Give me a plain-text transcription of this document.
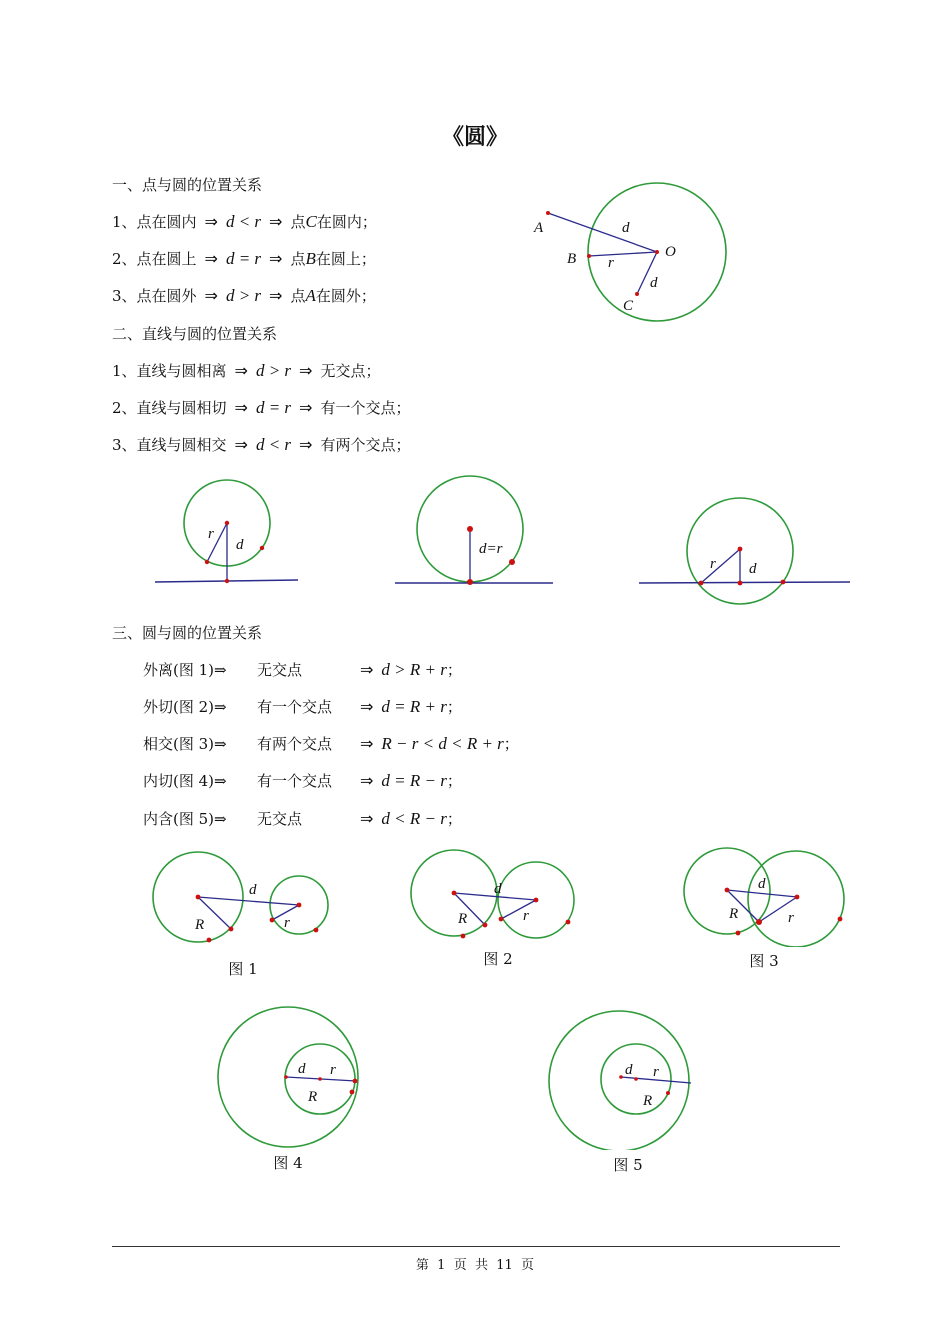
《圆》
一、点与圆的位置关系
1、点在圆内 ⇒ d < r ⇒ 点C在圆内；
2、点在圆上 ⇒ d = r ⇒ 点B在圆上；
3、点在圆外 ⇒ d > r ⇒ 点A在圆外；
A
B
C
O
d
r
d
二、直线与圆的位置关系
1、直线与圆相离 ⇒ d > r ⇒ 无交点；
2、直线与圆相切 ⇒ d = r ⇒ 有一个交点；
3、直线与圆相交 ⇒ d < r ⇒ 有两个交点；
r
d	d=r
r d
三、圆与圆的位置关系
外离(图 1)⇒ 无交点	⇒ d > R + r；
外切(图 2)⇒ 有一个交点 ⇒ d = R + r；
相交(图 3)⇒ 有两个交点 ⇒ R − r < d < R + r；
内切(图 4)⇒ 有一个交点 ⇒ d = R − r；
内含(图 5)⇒ 无交点	⇒ d < R − r；
d
R	r
图 1
d
R	r
图 2
d
R	r
图 3
d r
R
图 4
d r
R
图 5
第  1  页  共  11  页
